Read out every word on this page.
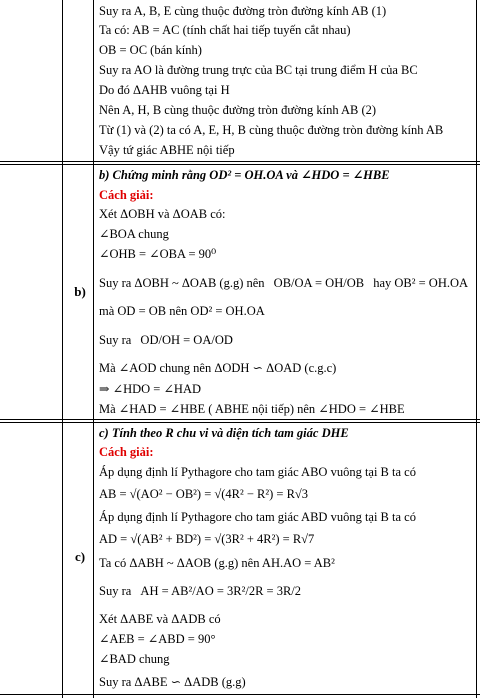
b)
c)
Suy ra A, B, E cùng thuộc đường tròn đường kính AB (1)
Ta có: AB = AC (tính chất hai tiếp tuyến cắt nhau)
OB = OC (bán kính)
Suy ra AO là đường trung trực của BC tại trung điểm H của BC
Do đó ΔAHB vuông tại H
Nên A, H, B cùng thuộc đường tròn đường kính AB (2)
Từ (1) và (2) ta có A, E, H, B cùng thuộc đường tròn đường kính AB
Vậy tứ giác ABHE nội tiếp
b) Chứng minh rằng OD² = OH.OA và ∠HDO = ∠HBE
Cách giải:
Xét ΔOBH và ΔOAB có:
∠BOA chung
∠OHB = ∠OBA = 90⁰
Suy ra ΔOBH ~ ΔOAB (g.g) nên OB/OA = OH/OB hay OB² = OH.OA
mà OD = OB nên OD² = OH.OA
Suy ra OD/OH = OA/OD
Mà ∠AOD chung nên ΔODH ∽ ΔOAD (c.g.c)
⇒ ∠HDO = ∠HAD
Mà ∠HAD = ∠HBE ( ABHE nội tiếp) nên ∠HDO = ∠HBE
c) Tính theo R chu vi và diện tích tam giác DHE
Cách giải:
Áp dụng định lí Pythagore cho tam giác ABO vuông tại B ta có
AB = √(AO² − OB²) = √(4R² − R²) = R√3
Áp dụng định lí Pythagore cho tam giác ABD vuông tại B ta có
AD = √(AB² + BD²) = √(3R² + 4R²) = R√7
Ta có ΔABH ~ ΔAOB (g.g) nên AH.AO = AB²
Suy ra AH = AB²/AO = 3R²/2R = 3R/2
Xét ΔABE và ΔADB có
∠AEB = ∠ABD = 90°
∠BAD chung
Suy ra ΔABE ∽ ΔADB (g.g)
